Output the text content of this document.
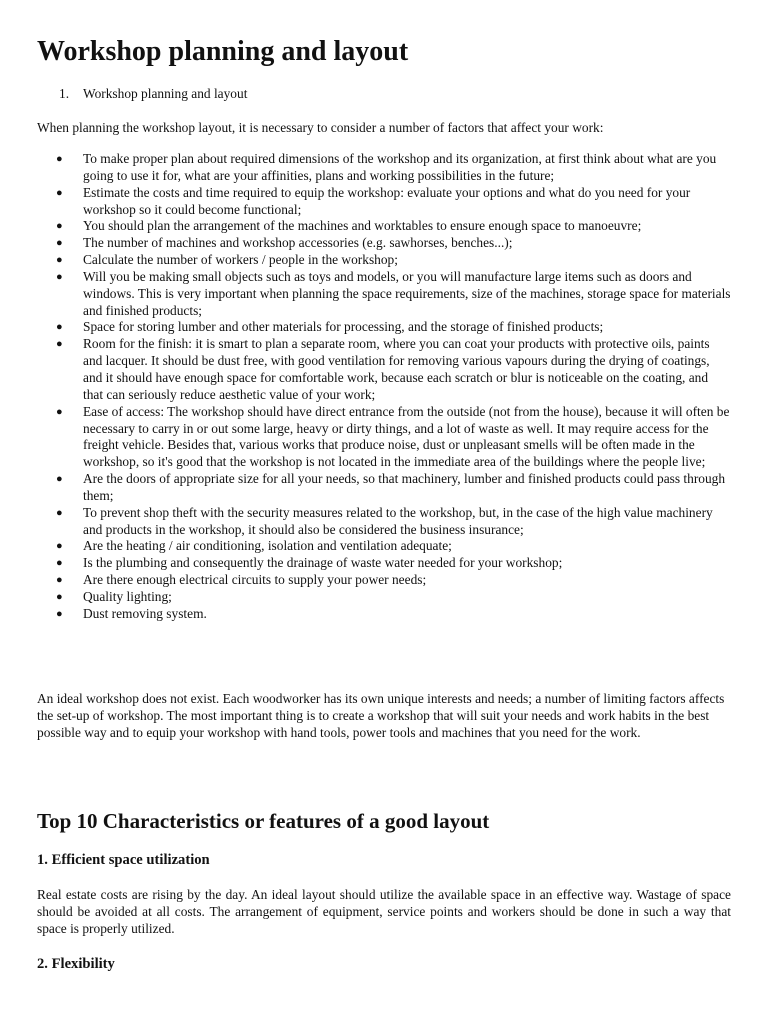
Workshop planning and layout
1. Workshop planning and layout
When planning the workshop layout, it is necessary to consider a number of factors that affect your work:
● To make proper plan about required dimensions of the workshop and its organization, at first think about what are you going to use it for, what are your affinities, plans and working possibilities in the future;
● Estimate the costs and time required to equip the workshop: evaluate your options and what do you need for your workshop so it could become functional;
● You should plan the arrangement of the machines and worktables to ensure enough space to manoeuvre;
● The number of machines and workshop accessories (e.g. sawhorses, benches...);
● Calculate the number of workers / people in the workshop;
● Will you be making small objects such as toys and models, or you will manufacture large items such as doors and windows. This is very important when planning the space requirements, size of the machines, storage space for materials and finished products;
● Space for storing lumber and other materials for processing, and the storage of finished products;
● Room for the finish: it is smart to plan a separate room, where you can coat your products with protective oils, paints and lacquer. It should be dust free, with good ventilation for removing various vapours during the drying of coatings, and it should have enough space for comfortable work, because each scratch or blur is noticeable on the coating, and that can seriously reduce aesthetic value of your work;
● Ease of access: The workshop should have direct entrance from the outside (not from the house), because it will often be necessary to carry in or out some large, heavy or dirty things, and a lot of waste as well. It may require access for the freight vehicle. Besides that, various works that produce noise, dust or unpleasant smells will be often made in the workshop, so it's good that the workshop is not located in the immediate area of the buildings where the people live;
● Are the doors of appropriate size for all your needs, so that machinery, lumber and finished products could pass through them;
● To prevent shop theft with the security measures related to the workshop, but, in the case of the high value machinery and products in the workshop, it should also be considered the business insurance;
● Are the heating / air conditioning, isolation and ventilation adequate;
● Is the plumbing and consequently the drainage of waste water needed for your workshop;
● Are there enough electrical circuits to supply your power needs;
● Quality lighting;
● Dust removing system.
An ideal workshop does not exist. Each woodworker has its own unique interests and needs; a number of limiting factors affects the set-up of workshop. The most important thing is to create a workshop that will suit your needs and work habits in the best possible way and to equip your workshop with hand tools, power tools and machines that you need for the work.
Top 10 Characteristics or features of a good layout
1. Efficient space utilization
Real estate costs are rising by the day. An ideal layout should utilize the available space in an effective way. Wastage of space should be avoided at all costs. The arrangement of equipment, service points and workers should be done in such a way that space is properly utilized.
2. Flexibility
